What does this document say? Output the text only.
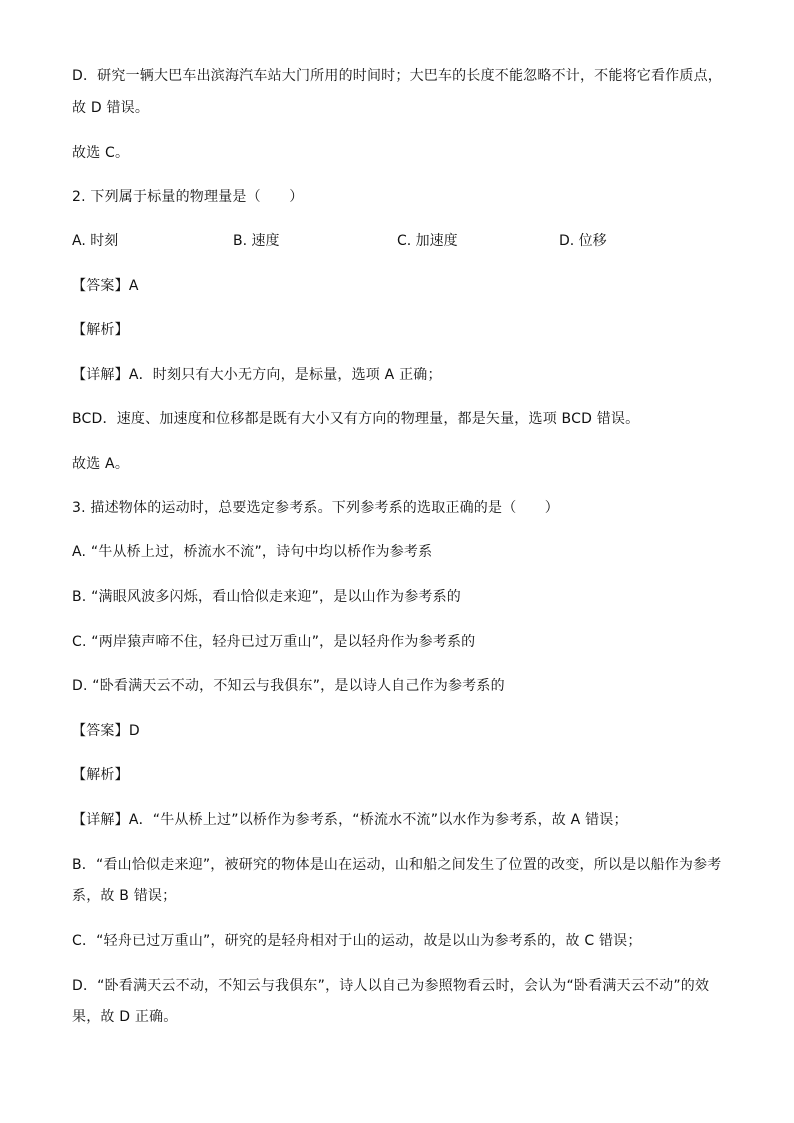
D．研究一辆大巴车出滨海汽车站大门所用的时间时；大巴车的长度不能忽略不计，不能将它看作质点，
故 D 错误。
故选 C。
2. 下列属于标量的物理量是（　　）
A. 时刻	B. 速度	C. 加速度	D. 位移
【答案】A
【解析】
【详解】A．时刻只有大小无方向，是标量，选项 A 正确；
BCD．速度、加速度和位移都是既有大小又有方向的物理量，都是矢量，选项 BCD 错误。
故选 A。
3. 描述物体的运动时，总要选定参考系。下列参考系的选取正确的是（　　）
A. “牛从桥上过，桥流水不流”，诗句中均以桥作为参考系
B. “满眼风波多闪烁，看山恰似走来迎”，是以山作为参考系的
C. “两岸猿声啼不住，轻舟已过万重山”，是以轻舟作为参考系的
D. “卧看满天云不动，不知云与我俱东”，是以诗人自己作为参考系的
【答案】D
【解析】
【详解】A．“牛从桥上过”以桥作为参考系，“桥流水不流”以水作为参考系，故 A 错误；
B．“看山恰似走来迎”，被研究的物体是山在运动，山和船之间发生了位置的改变，所以是以船作为参考
系，故 B 错误；
C．“轻舟已过万重山”，研究的是轻舟相对于山的运动，故是以山为参考系的，故 C 错误；
D．“卧看满天云不动，不知云与我俱东”，诗人以自己为参照物看云时，会认为“卧看满天云不动”的效
果，故 D 正确。
